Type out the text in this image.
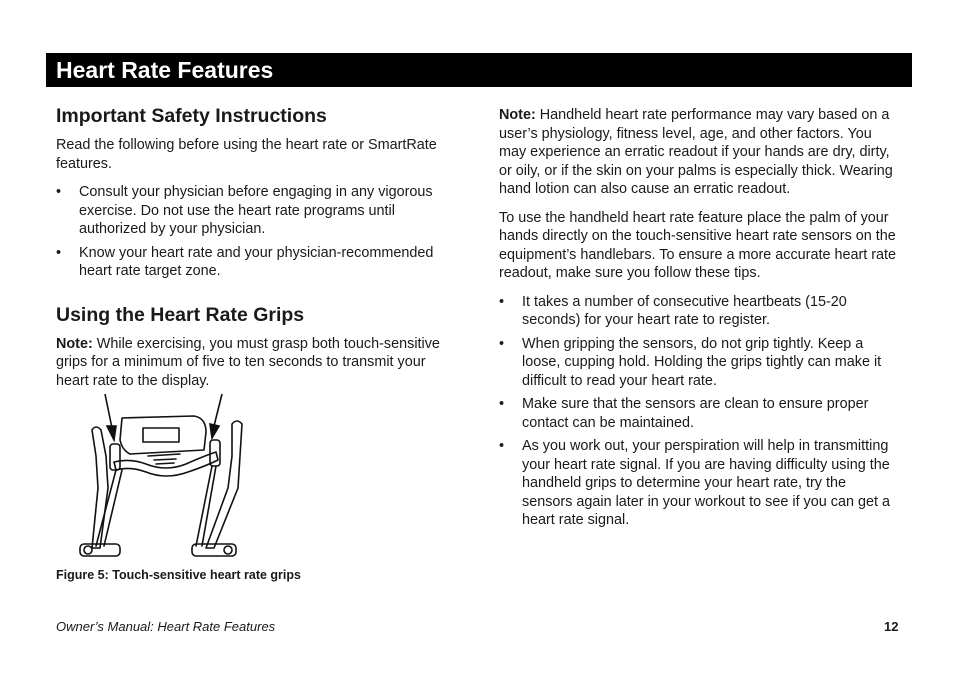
Heart Rate Features
Important Safety Instructions

Read the following before using the heart rate or SmartRate features.

• Consult your physician before engaging in any vigorous exercise. Do not use the heart rate programs until authorized by your physician.
• Know your heart rate and your physician-recommended heart rate target zone.
Using the Heart Rate Grips

Note: While exercising, you must grasp both touch-sensitive grips for a minimum of five to ten seconds to transmit your heart rate to the display.

Figure 5: Touch-sensitive heart rate grips

Note: Handheld heart rate performance may vary based on a user’s physiology, fitness level, age, and other factors. You may experience an erratic readout if your hands are dry, dirty, or oily, or if the skin on your palms is especially thick. Wearing hand lotion can also cause an erratic readout.

To use the handheld heart rate feature place the palm of your hands directly on the touch-sensitive heart rate sensors on the equipment’s handlebars. To ensure a more accurate heart rate readout, make sure you follow these tips.

• It takes a number of consecutive heartbeats (15-20 seconds) for your heart rate to register.
• When gripping the sensors, do not grip tightly. Keep a loose, cupping hold. Holding the grips tightly can make it difficult to read your heart rate.
• Make sure that the sensors are clean to ensure proper contact can be maintained.
• As you work out, your perspiration will help in transmitting your heart rate signal. If you are having difficulty using the handheld grips to determine your heart rate, try the sensors again later in your workout to see if you can get a heart rate signal.
Owner’s Manual: Heart Rate Features	12
